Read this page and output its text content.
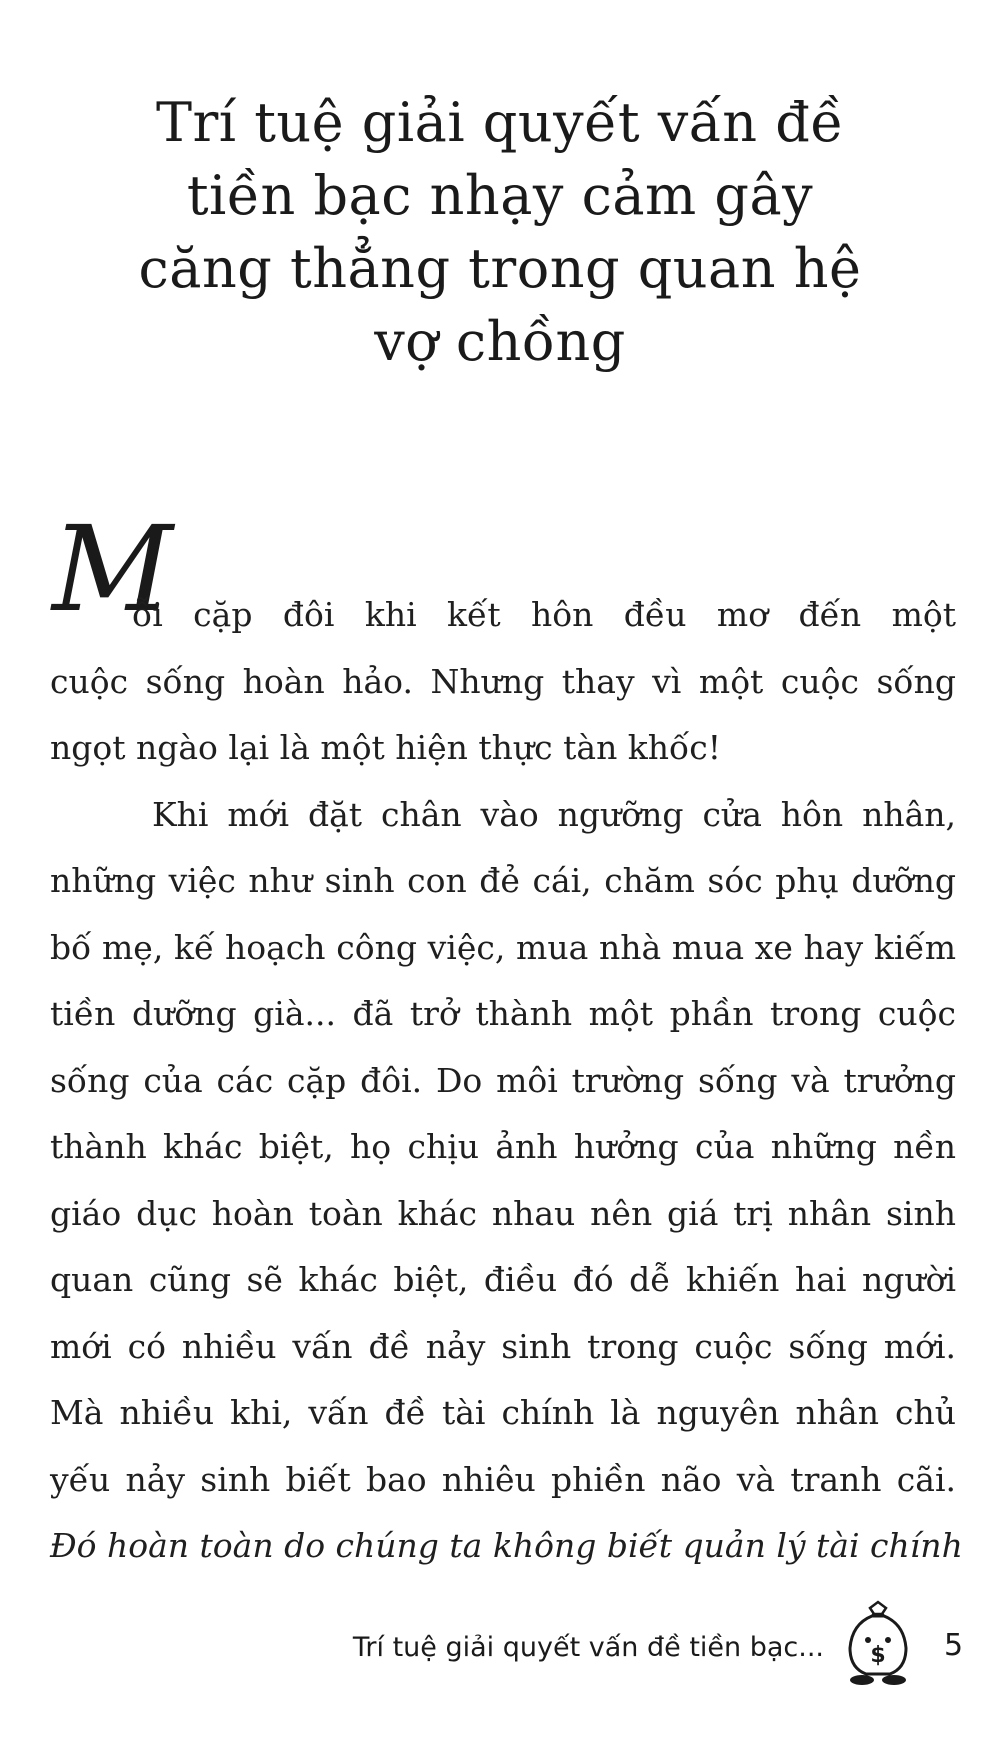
Trí tuệ giải quyết vấn đề
tiền bạc nhạy cảm gây
căng thẳng trong quan hệ
vợ chồng
M
ỗi cặp đôi khi kết hôn đều mơ đến một
cuộc sống hoàn hảo. Nhưng thay vì một cuộc sống
ngọt ngào lại là một hiện thực tàn khốc!
Khi mới đặt chân vào ngưỡng cửa hôn nhân,
những việc như sinh con đẻ cái, chăm sóc phụ dưỡng
bố mẹ, kế hoạch công việc, mua nhà mua xe hay kiếm
tiền dưỡng già... đã trở thành một phần trong cuộc
sống của các cặp đôi. Do môi trường sống và trưởng
thành khác biệt, họ chịu ảnh hưởng của những nền
giáo dục hoàn toàn khác nhau nên giá trị nhân sinh
quan cũng sẽ khác biệt, điều đó dễ khiến hai người
mới có nhiều vấn đề nảy sinh trong cuộc sống mới.
Mà nhiều khi, vấn đề tài chính là nguyên nhân chủ
yếu nảy sinh biết bao nhiêu phiền não và tranh cãi.
Đó hoàn toàn do chúng ta không biết quản lý tài chính
Trí tuệ giải quyết vấn đề tiền bạc... $ 5
